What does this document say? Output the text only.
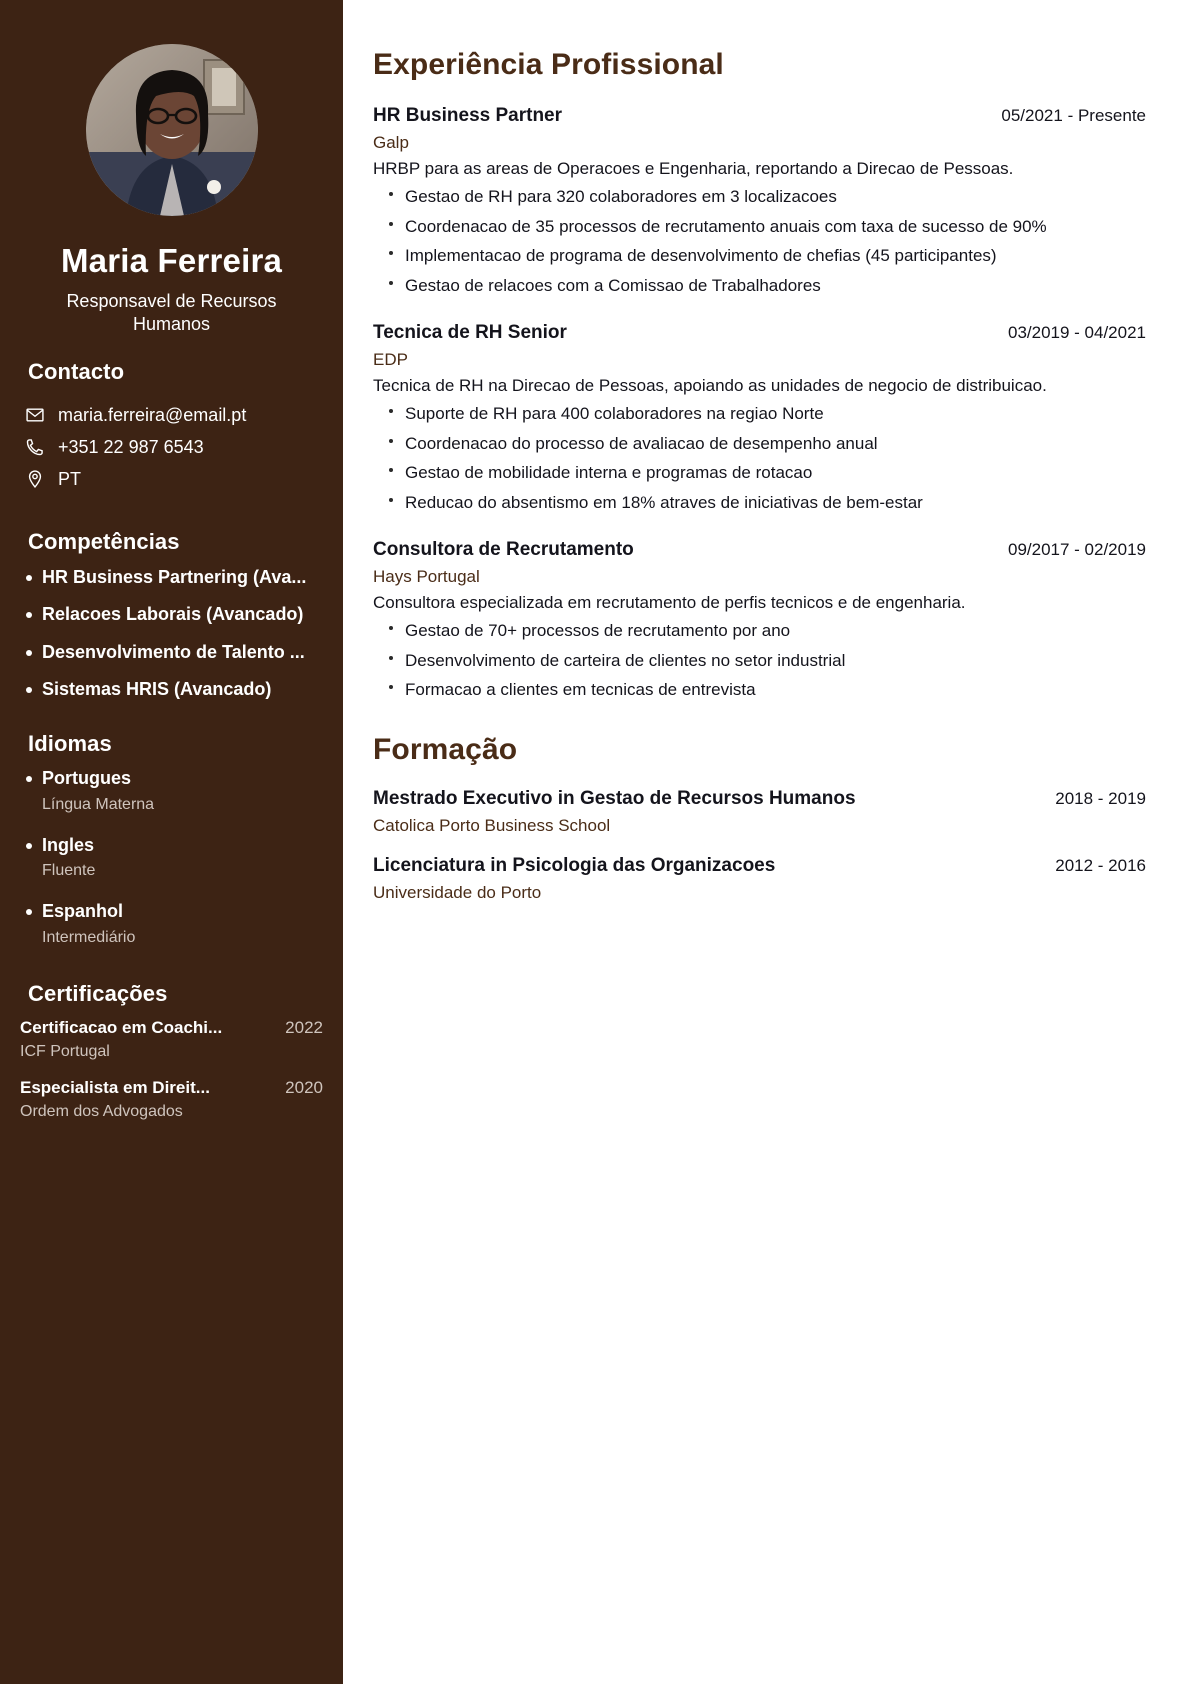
Maria Ferreira
Responsavel de Recursos Humanos
Contacto
maria.ferreira@email.pt
+351 22 987 6543
PT
Competências
HR Business Partnering (Ava...
Relacoes Laborais (Avancado)
Desenvolvimento de Talento ...
Sistemas HRIS (Avancado)
Idiomas
Portugues
Língua Materna
Ingles
Fluente
Espanhol
Intermediário
Certificações
Certificacao em Coachi...	2022
ICF Portugal
Especialista em Direit...	2020
Ordem dos Advogados
Experiência Profissional
HR Business Partner	05/2021 - Presente
Galp
HRBP para as areas de Operacoes e Engenharia, reportando a Direcao de Pessoas.
Gestao de RH para 320 colaboradores em 3 localizacoes
Coordenacao de 35 processos de recrutamento anuais com taxa de sucesso de 90%
Implementacao de programa de desenvolvimento de chefias (45 participantes)
Gestao de relacoes com a Comissao de Trabalhadores
Tecnica de RH Senior	03/2019 - 04/2021
EDP
Tecnica de RH na Direcao de Pessoas, apoiando as unidades de negocio de distribuicao.
Suporte de RH para 400 colaboradores na regiao Norte
Coordenacao do processo de avaliacao de desempenho anual
Gestao de mobilidade interna e programas de rotacao
Reducao do absentismo em 18% atraves de iniciativas de bem-estar
Consultora de Recrutamento	09/2017 - 02/2019
Hays Portugal
Consultora especializada em recrutamento de perfis tecnicos e de engenharia.
Gestao de 70+ processos de recrutamento por ano
Desenvolvimento de carteira de clientes no setor industrial
Formacao a clientes em tecnicas de entrevista
Formação
Mestrado Executivo in Gestao de Recursos Humanos	2018 - 2019
Catolica Porto Business School
Licenciatura in Psicologia das Organizacoes	2012 - 2016
Universidade do Porto
